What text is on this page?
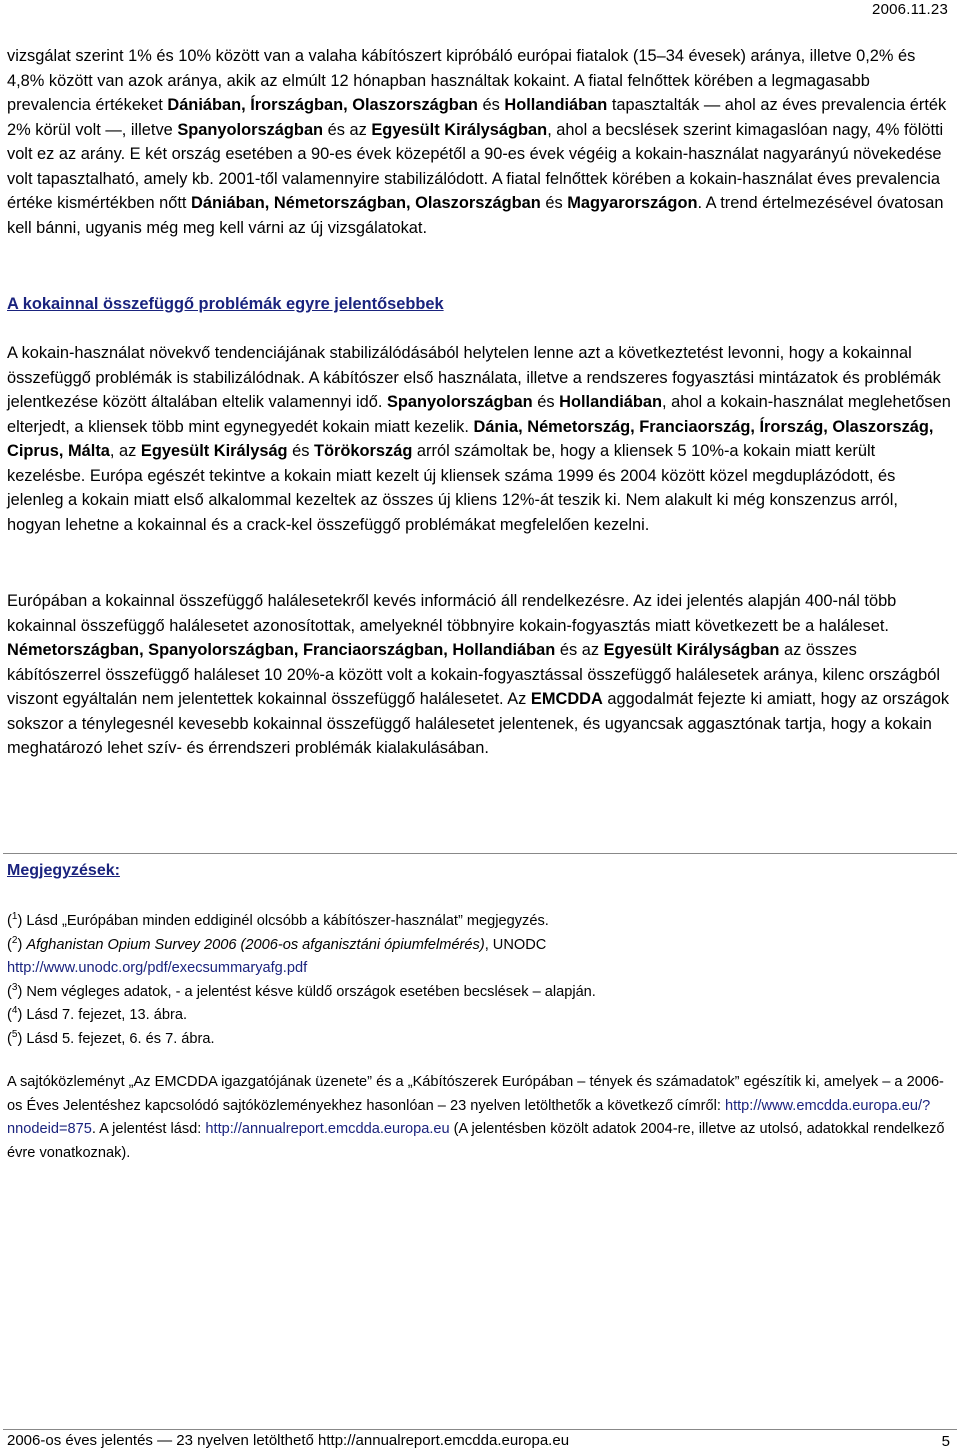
2006.11.23

vizsgálat szerint 1% és 10% között van a valaha kábítószert kipróbáló európai fiatalok (15–34 évesek) aránya, illetve 0,2% és 4,8% között van azok aránya, akik az elmúlt 12 hónapban használtak kokaint. A fiatal felnőttek körében a legmagasabb prevalencia értékeket Dániában, Írországban, Olaszországban és Hollandiában tapasztalták — ahol az éves prevalencia érték 2% körül volt —, illetve Spanyolországban és az Egyesült Királyságban, ahol a becslések szerint kimagaslóan nagy, 4% fölötti volt ez az arány. E két ország esetében a 90-es évek közepétől a 90-es évek végéig a kokain-használat nagyarányú növekedése volt tapasztalható, amely kb. 2001-től valamennyire stabilizálódott. A fiatal felnőttek körében a kokain-használat éves prevalencia értéke kismértékben nőtt Dániában, Németországban, Olaszországban és Magyarországon. A trend értelmezésével óvatosan kell bánni, ugyanis még meg kell várni az új vizsgálatokat.

A kokainnal összefüggő problémák egyre jelentősebbek

A kokain-használat növekvő tendenciájának stabilizálódásából helytelen lenne azt a következtetést levonni, hogy a kokainnal összefüggő problémák is stabilizálódnak. A kábítószer első használata, illetve a rendszeres fogyasztási mintázatok és problémák jelentkezése között általában eltelik valamennyi idő. Spanyolországban és Hollandiában, ahol a kokain-használat meglehetősen elterjedt, a kliensek több mint egynegyedét kokain miatt kezelik. Dánia, Németország, Franciaország, Írország, Olaszország, Ciprus, Málta, az Egyesült Királyság és Törökország arról számoltak be, hogy a kliensek 5 10%-a kokain miatt került kezelésbe. Európa egészét tekintve a kokain miatt kezelt új kliensek száma 1999 és 2004 között közel megduplázódott, és jelenleg a kokain miatt első alkalommal kezeltek az összes új kliens 12%-át teszik ki. Nem alakult ki még konszenzus arról, hogyan lehetne a kokainnal és a crack-kel összefüggő problémákat megfelelően kezelni.

Európában a kokainnal összefüggő halálesetekről kevés információ áll rendelkezésre. Az idei jelentés alapján 400-nál több kokainnal összefüggő halálesetet azonosítottak, amelyeknél többnyire kokain-fogyasztás miatt következett be a haláleset. Németországban, Spanyolországban, Franciaországban, Hollandiában és az Egyesült Királyságban az összes kábítószerrel összefüggő haláleset 10 20%-a között volt a kokain-fogyasztással összefüggő halálesetek aránya, kilenc országból viszont egyáltalán nem jelentettek kokainnal összefüggő halálesetet. Az EMCDDA aggodalmát fejezte ki amiatt, hogy az országok sokszor a ténylegesnél kevesebb kokainnal összefüggő halálesetet jelentenek, és ugyancsak aggasztónak tartja, hogy a kokain meghatározó lehet szív- és érrendszeri problémák kialakulásában.

Megjegyzések:
($^1$) Lásd „Európában minden eddiginél olcsóbb a kábítószer-használat” megjegyzés.
($^2$) Afghanistan Opium Survey 2006 (2006-os afganisztáni ópiumfelmérés), UNODC
http://www.unodc.org/pdf/execsummaryafg.pdf
($^3$) Nem végleges adatok, - a jelentést késve küldő országok esetében becslések – alapján.
($^4$) Lásd 7. fejezet, 13. ábra.
($^5$) Lásd 5. fejezet, 6. és 7. ábra.

A sajtóközleményt „Az EMCDDA igazgatójának üzenete” és a „Kábítószerek Európában – tények és számadatok” egészítik ki, amelyek – a 2006-os Éves Jelentéshez kapcsolódó sajtóközleményekhez hasonlóan – 23 nyelven letölthetők a következő címről: http://www.emcdda.europa.eu/?nnodeid=875. A jelentést lásd: http://annualreport.emcdda.europa.eu (A jelentésben közölt adatok 2004-re, illetve az utolsó, adatokkal rendelkező évre vonatkoznak).

2006-os éves jelentés — 23 nyelven letölthető http://annualreport.emcdda.europa.eu	5
